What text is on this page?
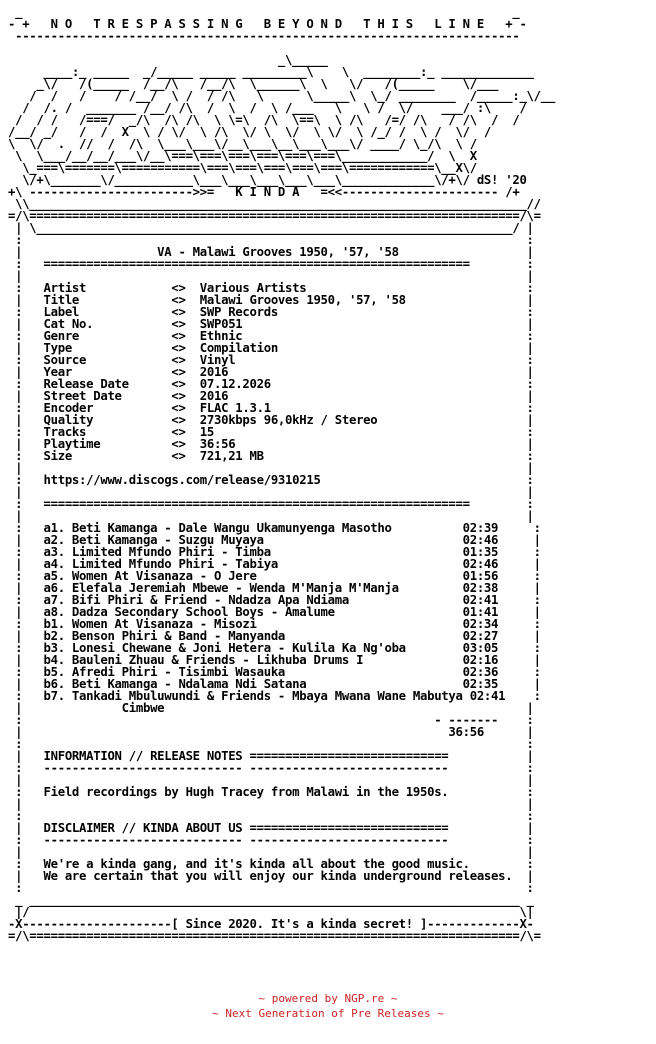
_                                                                     _
- +   N O   T R E S P A S S I N G   B E Y O N D   T H I S   L I N E   + -
-----------------------------------------------------------------------
_\_____
____:_ _____  _/_____ _____ _________\    \  ________:_ _____________
_\/   /(_____  /__/\   /__/\  \______\  \   \/   /(_____    \/___
/  /   /    / /__/  \ /  / /\   \      \_____\  \_/ ________  /_____:_\/__
/  /. /  _______ /__/ /\  /  \  /  \ /___   \   \ /  \/    ___/ :\    /
/  / /   /===/  _/\  /\ /\  \ \=\  /\  \==\  \ /\   /=/ /\   / /\  /  /
/__/ _/   /  /  X  \ / \/  \ /\  \/ \  \/  \ \/  \ /_/ /  \ /  \/  /
\  \/  .  //  /  /\  \___\___\/__\___\__\___\___\/ ____/ \_/\  \ /
\  \___/__/__/___\/__\===\===\===\===\===\===\____________/  \  X
\_===\=======\===========\===\===\===\===\===\============\__X\/
\/+\_______\/___________\___\___\___\___\___\_____________\/+\/ dS! '20
+\ ----------------------->>=   K I N D A   =<<---------------------- /+
\\______________________________________________________________________//
=/\=====================================================================/\=
| \___________________________________________________________________/ |
:                                                                       :
|                   VA - Malawi Grooves 1950, '57, '58                  |
:   ============================================================        :
|                                                                       |
:   Artist            <>  Various Artists                               :
|   Title             <>  Malawi Grooves 1950, '57, '58                 |
:   Label             <>  SWP Records                                   :
|   Cat No.           <>  SWP051                                        |
:   Genre             <>  Ethnic                                        :
|   Type              <>  Compilation                                   |
:   Source            <>  Vinyl                                         :
|   Year              <>  2016                                          |
:   Release Date      <>  07.12.2026                                    :
|   Street Date       <>  2016                                          |
:   Encoder           <>  FLAC 1.3.1                                    :
|   Quality           <>  2730kbps 96,0kHz / Stereo                     |
:   Tracks            <>  15                                            :
|   Playtime          <>  36:56                                         |
:   Size              <>  721,21 MB                                     :
|                                                                       |
:   https://www.discogs.com/release/9310215                             :
|                                                                       |
:   ============================================================        :
|                                                                       |
:   a1. Beti Kamanga - Dale Wangu Ukamunyenga Masotho          02:39     :
|   a2. Beti Kamanga - Suzgu Muyaya                            02:46     |
:   a3. Limited Mfundo Phiri - Timba                           01:35     :
|   a4. Limited Mfundo Phiri - Tabiya                          02:46     |
:   a5. Women At Visanaza - O Jere                             01:56     :
|   a6. Elefala Jeremiah Mbewe - Wenda M'Manja M'Manja         02:38     |
:   a7. Bifi Phiri & Friend - Ndadza Apa Ndiama                02:41     :
|   a8. Dadza Secondary School Boys - Amalume                  01:41     |
:   b1. Women At Visanaza - Misozi                             02:34     :
|   b2. Benson Phiri & Band - Manyanda                         02:27     |
:   b3. Lonesi Chewane & Joni Hetera - Kulila Ka Ng'oba        03:05     :
|   b4. Bauleni Zhuau & Friends - Likhuba Drums I              02:16     |
:   b5. Afredi Phiri - Tisimbi Wasauka                         02:36     :
|   b6. Beti Kamanga - Ndalama Ndi Satana                      02:35     |
:   b7. Tankadi Mbuluwundi & Friends - Mbaya Mwana Wane Mabutya 02:41    :
|              Cimbwe                                                   |
:                                                          - -------    :
|                                                            36:56      |
:                                                                       :
|   INFORMATION // RELEASE NOTES ============================           |
:   ---------------------------- ----------------------------           :
|                                                                       |
:   Field recordings by Hugh Tracey from Malawi in the 1950s.           :
|                                                                       |
:                                                                       :
|   DISCLAIMER // KINDA ABOUT US ============================           |
:   ---------------------------- ----------------------------           :
|                                                                       |
:   We're a kinda gang, and it's kinda all about the good music.        :
|   We are certain that you will enjoy our kinda underground releases.  |
:                                                                       :
_ _____________________________________________________________________ _
|/                                                                     \|
-X---------------------[ Since 2020. It's a kinda secret! ]-------------X-
=/\=====================================================================/\=
~ powered by NGP.re ~
~ Next Generation of Pre Releases ~
